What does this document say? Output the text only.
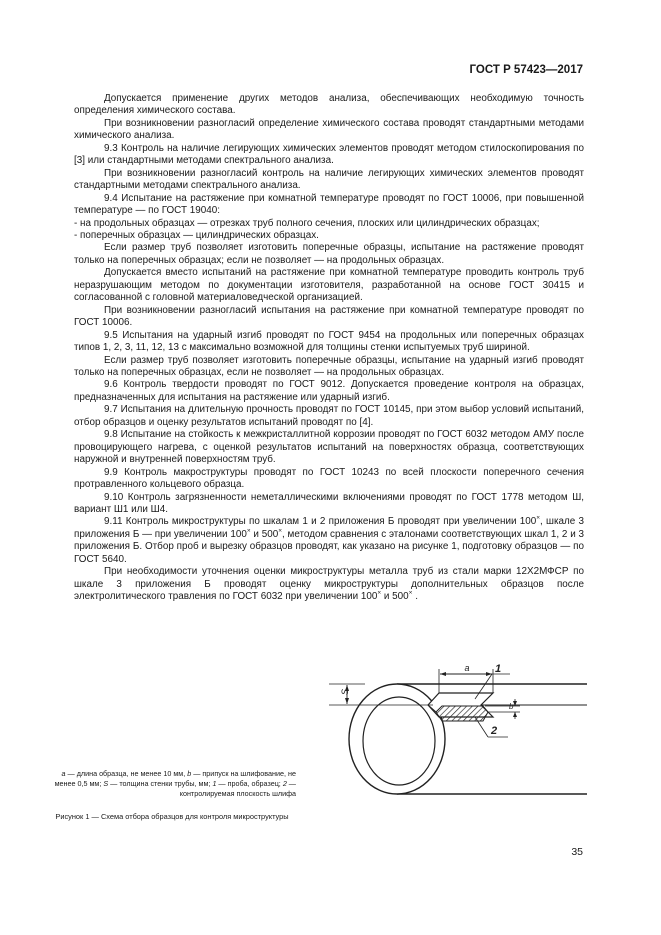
ГОСТ Р 57423—2017

Допускается применение других методов анализа, обеспечивающих необходимую точность определения химического состава.

При возникновении разногласий определение химического состава проводят стандартными методами химического анализа.

9.3 Контроль на наличие легирующих химических элементов проводят методом стилоскопирования по [3] или стандартными методами спектрального анализа.

При возникновении разногласий контроль на наличие легирующих химических элементов проводят стандартными методами спектрального анализа.

9.4 Испытание на растяжение при комнатной температуре проводят по ГОСТ 10006, при повышенной температуре — по ГОСТ 19040:

- на продольных образцах — отрезках труб полного сечения, плоских или цилиндрических образцах;

- поперечных образцах — цилиндрических образцах.

Если размер труб позволяет изготовить поперечные образцы, испытание на растяжение проводят только на поперечных образцах; если не позволяет — на продольных образцах.

Допускается вместо испытаний на растяжение при комнатной температуре проводить контроль труб неразрушающим методом по документации изготовителя, разработанной на основе ГОСТ 30415 и согласованной с головной материаловедческой организацией.

При возникновении разногласий испытания на растяжение при комнатной температуре проводят по ГОСТ 10006.

9.5 Испытания на ударный изгиб проводят по ГОСТ 9454 на продольных или поперечных образцах типов 1, 2, 3, 11, 12, 13 с максимально возможной для толщины стенки испытуемых труб шириной.

Если размер труб позволяет изготовить поперечные образцы, испытание на ударный изгиб проводят только на поперечных образцах, если не позволяет — на продольных образцах.

9.6 Контроль твердости проводят по ГОСТ 9012. Допускается проведение контроля на образцах, предназначенных для испытания на растяжение или ударный изгиб.

9.7 Испытания на длительную прочность проводят по ГОСТ 10145, при этом выбор условий испытаний, отбор образцов и оценку результатов испытаний проводят по [4].

9.8 Испытание на стойкость к межкристаллитной коррозии проводят по ГОСТ 6032 методом АМУ после провоцирующего нагрева, с оценкой результатов испытаний на поверхностях образца, соответствующих наружной и внутренней поверхностям труб.

9.9 Контроль макроструктуры проводят по ГОСТ 10243 по всей плоскости поперечного сечения протравленного кольцевого образца.

9.10 Контроль загрязненности неметаллическими включениями проводят по ГОСТ 1778 методом Ш, вариант Ш1 или Ш4.

9.11 Контроль микроструктуры по шкалам 1 и 2 приложения Б проводят при увеличении 100×, шкале 3 приложения Б — при увеличении 100× и 500×, методом сравнения с эталонами соответствующих шкал 1, 2 и 3 приложения Б. Отбор проб и вырезку образцов проводят, как указано на рисунке 1, подготовку образцов — по ГОСТ 5640.

При необходимости уточнения оценки микроструктуры металла труб из стали марки 12Х2МФСР по шкале 3 приложения Б проводят оценку микроструктуры дополнительных образцов после электролитического травления по ГОСТ 6032 при увеличении 100× и 500× .

S
a
b
1
2
a — длина образца, не менее 10 мм, b — припуск на шлифование, не менее 0,5 мм; S — толщина стенки трубы, мм; 1 — проба, образец; 2 — контролируемая плоскость шлифа
Рисунок 1 — Схема отбора образцов для контроля микроструктуры
35
